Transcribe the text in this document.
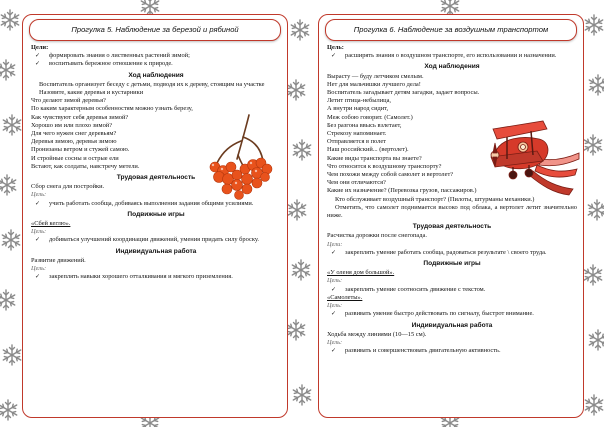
Прогулка 5. Наблюдение за березой и рябиной
Цели:
✓ формировать знания о лиственных растений зимой;
✓ воспитывать бережное отношение к природе.
Ход наблюдения
Воспитатель организует беседу с детьми, подводя их к дереву, стоящим на участке
Назовите, какие деревья и кустарники
Что делают зимой деревья?
По каким характерным особенностям можно узнать березу,
Как чувствуют себя деревья зимой?
Хорошо им или плохо зимой?
Для чего нужен снег деревьям?
Деревья зимою, деревья зимою
Пронизаны ветром и стужей самою.
И стройные сосны и острые ели
Встают, как солдаты, навстречу метели.
Трудовая деятельность
Сбор снега для постройки.
Цель:
✓ учить работать сообща, добиваясь выполнения задания общими усилиями.
Подвижные игры
«Сбей кеглю».
Цель:
✓ добиваться улучшений координации движений, умения придать силу броску.
Индивидуальная работа
Развитие движений.
Цель:
✓ закреплять навыки хорошего отталкивания и мягкого приземления.
Прогулка 6. Наблюдение за воздушным транспортом
Цель:
✓ расширять знания о воздушном транспорте, его использовании и назначении.
Ход наблюдения
Вырасту — буду летчиком смелым.
Нет для мальчишки лучшего дела!
Воспитатель загадывает детям загадки, задает вопросы.
Летит птица-небылица,
А внутри народ сидит,
Меж собою говорит. (Самолет.)
Без разгона ввысь взлетает,
Стрекозу напоминает.
Отправляется в полет
Наш российский... (вертолет).
Какие виды транспорта вы знаете?
Что относится к воздушному транспорту?
Чем похожи между собой самолет и вертолет?
Чем они отличаются?
Какие их назначение? (Перевозка грузов, пассажиров.)
Кто обслуживает воздушный транспорт? (Пилоты, штурманы механики.)
Отметить, что самолет поднимается высоко под облака, а вертолет летит значительно ниже.
Трудовая деятельность
Расчистка дорожки после снегопада.
Цели:
✓ закреплять умение работать сообща, радоваться результате \ своего труда.
Подвижные игры
«У оленя дом большой».
Цель:
✓ закреплять умение соотносить движение с текстом.
«Самолеты».
Цель:
✓ развивать умение быстро действовать по сигналу, быстрот внимание.
Индивидуальная работа
Ходьба между линиями (10—15 см).
Цель:
✓ развивать и совершенствовать двигательную активность.
